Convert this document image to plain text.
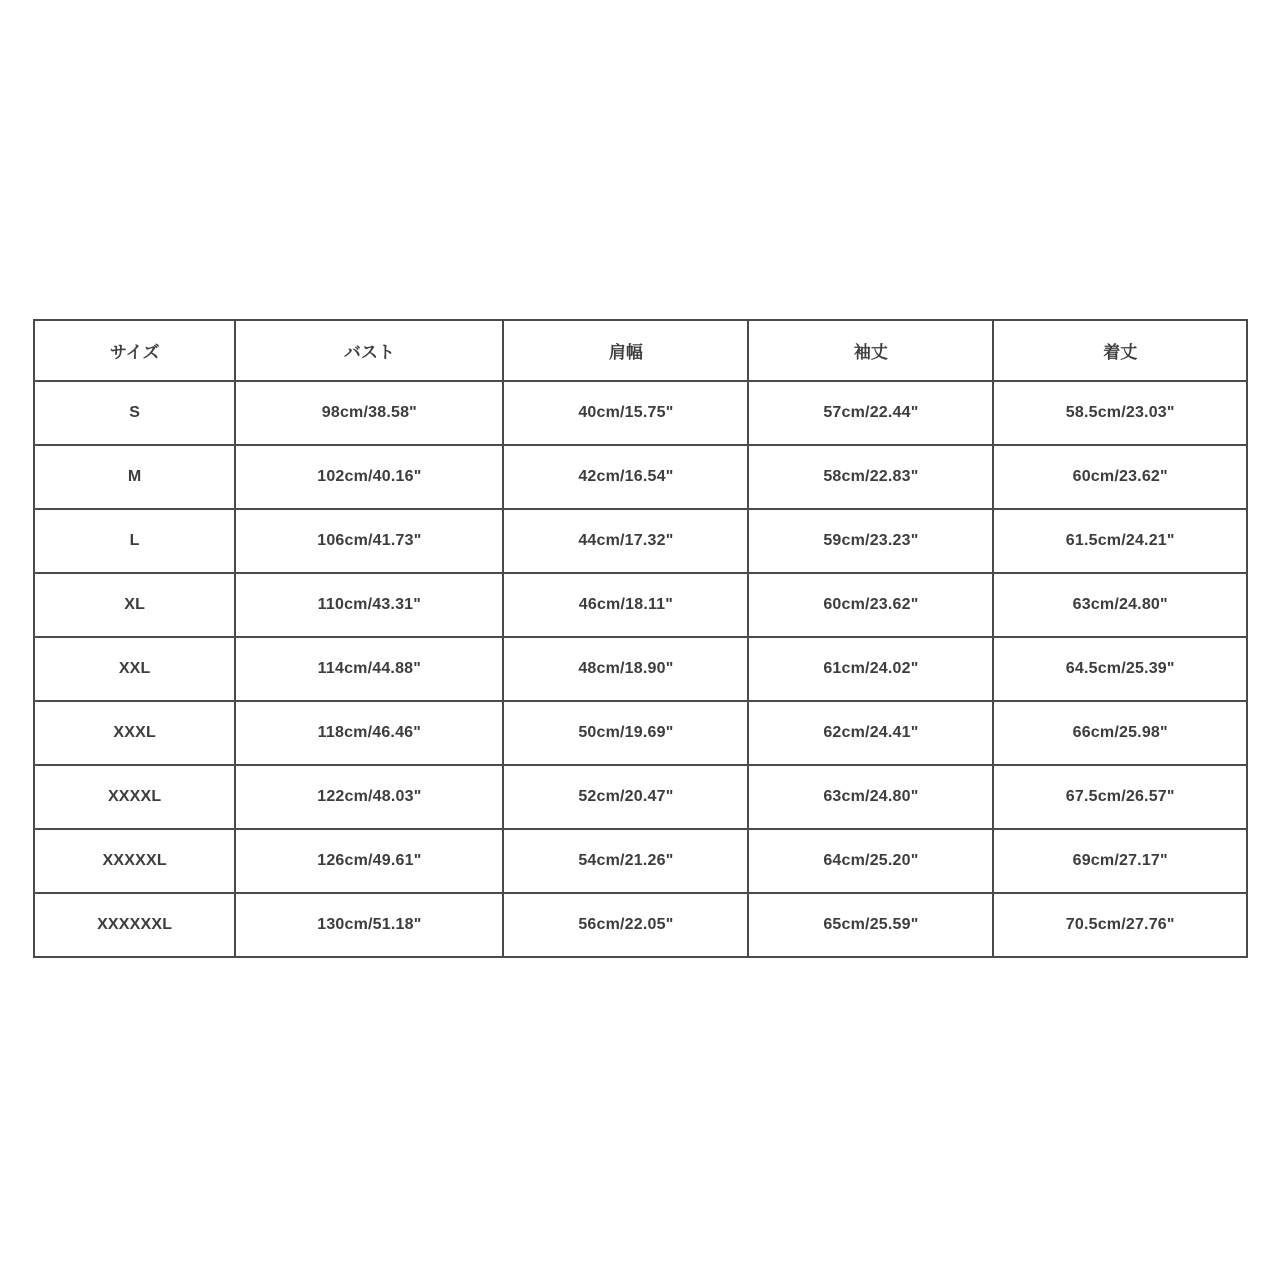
サイズ	バスト	肩幅	袖丈	着丈
S	98cm/38.58"	40cm/15.75"	57cm/22.44"	58.5cm/23.03"
M	102cm/40.16"	42cm/16.54"	58cm/22.83"	60cm/23.62"
L	106cm/41.73"	44cm/17.32"	59cm/23.23"	61.5cm/24.21"
XL	110cm/43.31"	46cm/18.11"	60cm/23.62"	63cm/24.80"
XXL	114cm/44.88"	48cm/18.90"	61cm/24.02"	64.5cm/25.39"
XXXL	118cm/46.46"	50cm/19.69"	62cm/24.41"	66cm/25.98"
XXXXL	122cm/48.03"	52cm/20.47"	63cm/24.80"	67.5cm/26.57"
XXXXXL	126cm/49.61"	54cm/21.26"	64cm/25.20"	69cm/27.17"
XXXXXXL	130cm/51.18"	56cm/22.05"	65cm/25.59"	70.5cm/27.76"
